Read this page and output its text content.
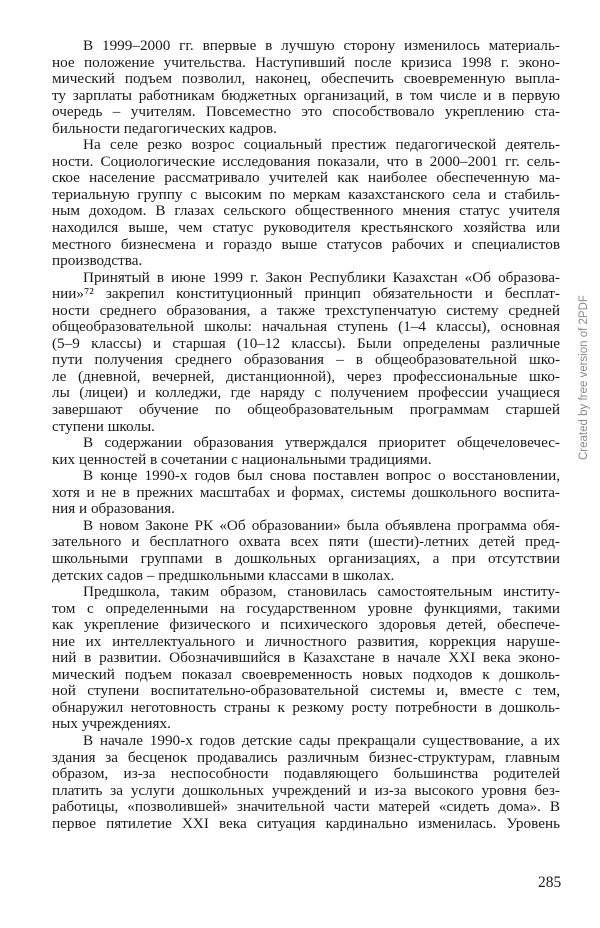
В 1999–2000 гг. впервые в лучшую сторону изменилось материаль-
ное положение учительства. Наступивший после кризиса 1998 г. эконо-
мический подъем позволил, наконец, обеспечить своевременную выпла-
ту зарплаты работникам бюджетных организаций, в том числе и в первую
очередь – учителям. Повсеместно это способствовало укреплению ста-
бильности педагогических кадров.
На селе резко возрос социальный престиж педагогической деятель-
ности. Социологические исследования показали, что в 2000–2001 гг. сель-
ское население рассматривало учителей как наиболее обеспеченную ма-
териальную группу с высоким по меркам казахстанского села и стабиль-
ным доходом. В глазах сельского общественного мнения статус учителя
находился выше, чем статус руководителя крестьянского хозяйства или
местного бизнесмена и гораздо выше статусов рабочих и специалистов
производства.
Принятый в июне 1999 г. Закон Республики Казахстан «Об образова-
нии»⁷² закрепил конституционный принцип обязательности и бесплат-
ности среднего образования, а также трехступенчатую систему средней
общеобразовательной школы: начальная ступень (1–4 классы), основная
(5–9 классы) и старшая (10–12 классы). Были определены различные
пути получения среднего образования – в общеобразовательной шко-
ле (дневной, вечерней, дистанционной), через профессиональные шко-
лы (лицеи) и колледжи, где наряду с получением профессии учащиеся
завершают обучение по общеобразовательным программам старшей
ступени школы.
В содержании образования утверждался приоритет общечеловечес-
ких ценностей в сочетании с национальными традициями.
В конце 1990-х годов был снова поставлен вопрос о восстановлении,
хотя и не в прежних масштабах и формах, системы дошкольного воспита-
ния и образования.
В новом Законе РК «Об образовании» была объявлена программа обя-
зательного и бесплатного охвата всех пяти (шести)-летних детей пред-
школьными группами в дошкольных организациях, а при отсутствии
детских садов – предшкольными классами в школах.
Предшкола, таким образом, становилась самостоятельным институ-
том с определенными на государственном уровне функциями, такими
как укрепление физического и психического здоровья детей, обеспече-
ние их интеллектуального и личностного развития, коррекция наруше-
ний в развитии. Обозначившийся в Казахстане в начале XXI века эконо-
мический подъем показал своевременность новых подходов к дошколь-
ной ступени воспитательно-образовательной системы и, вместе с тем,
обнаружил неготовность страны к резкому росту потребности в дошколь-
ных учреждениях.
В начале 1990-х годов детские сады прекращали существование, а их
здания за бесценок продавались различным бизнес-структурам, главным
образом, из-за неспособности подавляющего большинства родителей
платить за услуги дошкольных учреждений и из-за высокого уровня без-
работицы, «позволившей» значительной части матерей «сидеть дома». В
первое пятилетие XXI века ситуация кардинально изменилась. Уровень
285
Created by free version of 2PDF
